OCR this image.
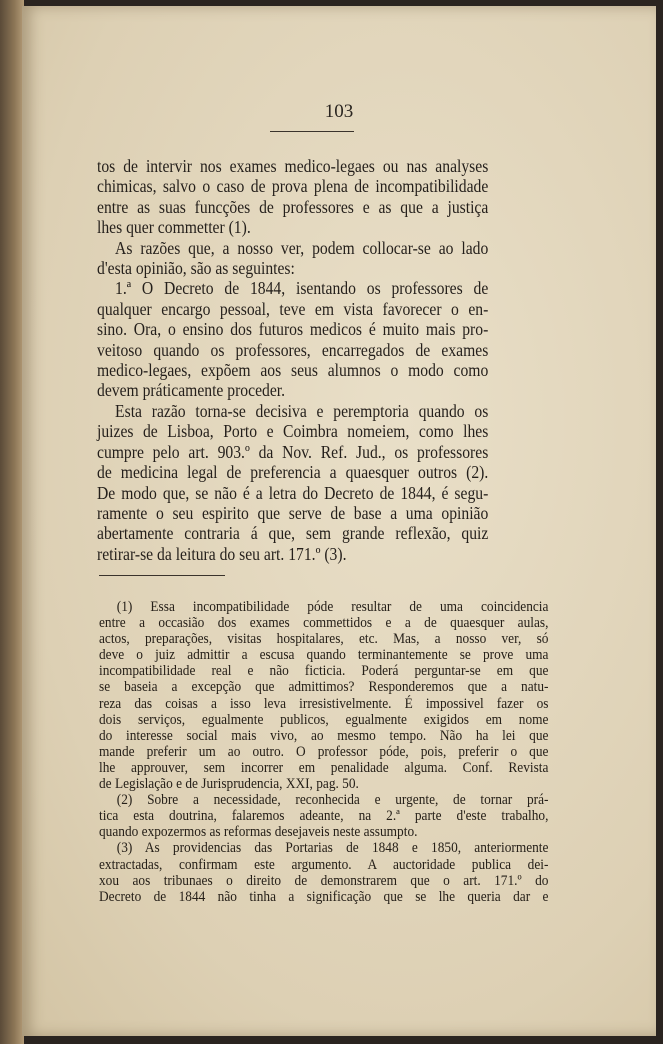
103
tos de intervir nos exames medico-legaes ou nas analyses
chimicas, salvo o caso de prova plena de incompatibilidade
entre as suas funcções de professores e as que a justiça
lhes quer commetter (1).
As razões que, a nosso ver, podem collocar-se ao lado
d'esta opinião, são as seguintes:
1.ª O Decreto de 1844, isentando os professores de
qualquer encargo pessoal, teve em vista favorecer o en-
sino. Ora, o ensino dos futuros medicos é muito mais pro-
veitoso quando os professores, encarregados de exames
medico-legaes, expõem aos seus alumnos o modo como
devem práticamente proceder.
Esta razão torna-se decisiva e peremptoria quando os
juizes de Lisboa, Porto e Coimbra nomeiem, como lhes
cumpre pelo art. 903.º da Nov. Ref. Jud., os professores
de medicina legal de preferencia a quaesquer outros (2).
De modo que, se não é a letra do Decreto de 1844, é segu-
ramente o seu espirito que serve de base a uma opinião
abertamente contraria á que, sem grande reflexão, quiz
retirar-se da leitura do seu art. 171.º (3).
(1) Essa incompatibilidade póde resultar de uma coincidencia
entre a occasião dos exames commettidos e a de quaesquer aulas,
actos, preparações, visitas hospitalares, etc. Mas, a nosso ver, só
deve o juiz admittir a escusa quando terminantemente se prove uma
incompatibilidade real e não ficticia. Poderá perguntar-se em que
se baseia a excepção que admittimos? Responderemos que a natu-
reza das coisas a isso leva irresistivelmente. É impossivel fazer os
dois serviços, egualmente publicos, egualmente exigidos em nome
do interesse social mais vivo, ao mesmo tempo. Não ha lei que
mande preferir um ao outro. O professor póde, pois, preferir o que
lhe approuver, sem incorrer em penalidade alguma. Conf. Revista
de Legislação e de Jurisprudencia, XXI, pag. 50.
(2) Sobre a necessidade, reconhecida e urgente, de tornar prá-
tica esta doutrina, falaremos adeante, na 2.ª parte d'este trabalho,
quando expozermos as reformas desejaveis neste assumpto.
(3) As providencias das Portarias de 1848 e 1850, anteriormente
extractadas, confirmam este argumento. A auctoridade publica dei-
xou aos tribunaes o direito de demonstrarem que o art. 171.º do
Decreto de 1844 não tinha a significação que se lhe queria dar e
